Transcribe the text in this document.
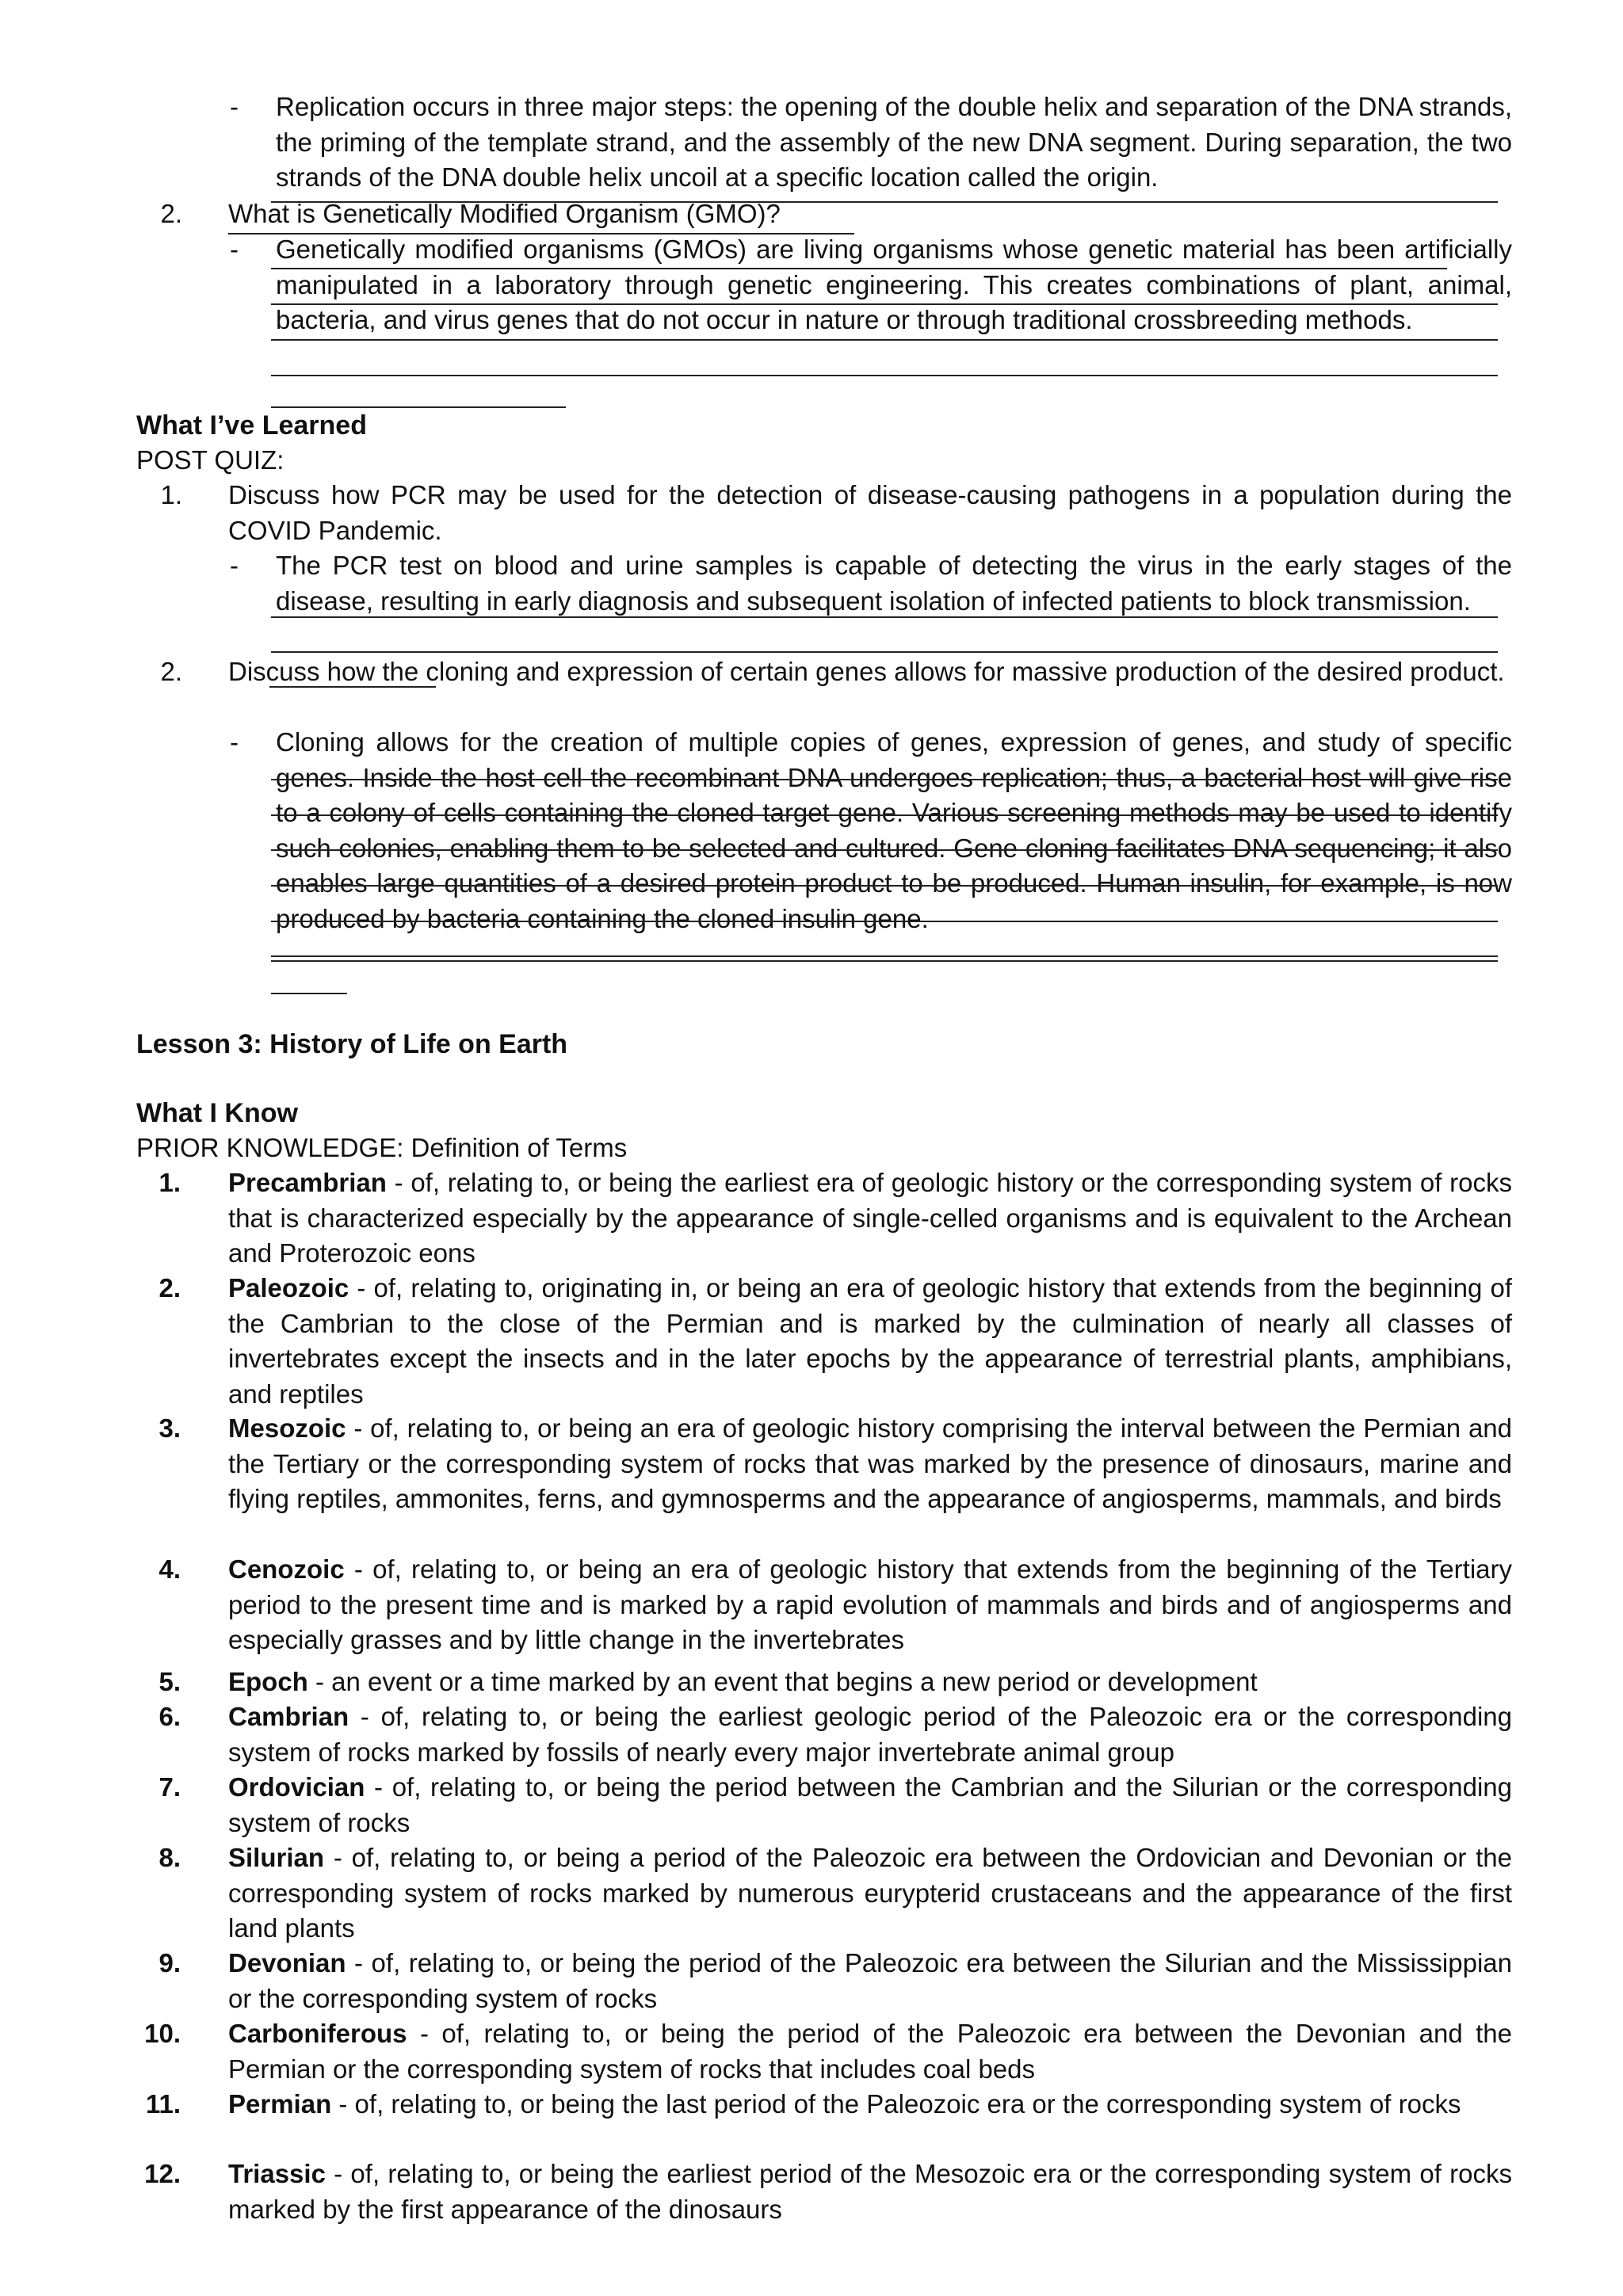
- Replication occurs in three major steps: the opening of the double helix and separation of the DNA strands, the priming of the template strand, and the assembly of the new DNA segment. During separation, the two strands of the DNA double helix uncoil at a specific location called the origin.
2. What is Genetically Modified Organism (GMO)?
- Genetically modified organisms (GMOs) are living organisms whose genetic material has been artificially manipulated in a laboratory through genetic engineering. This creates combinations of plant, animal, bacteria, and virus genes that do not occur in nature or through traditional crossbreeding methods.
What I’ve Learned
POST QUIZ:
1. Discuss how PCR may be used for the detection of disease-causing pathogens in a population during the COVID Pandemic.
- The PCR test on blood and urine samples is capable of detecting the virus in the early stages of the disease, resulting in early diagnosis and subsequent isolation of infected patients to block transmission.
2. Discuss how the cloning and expression of certain genes allows for massive production of the desired product.
- Cloning allows for the creation of multiple copies of genes, expression of genes, and study of specific genes. Inside the host cell the recombinant DNA undergoes replication; thus, a bacterial host will give rise to a colony of cells containing the cloned target gene. Various screening methods may be used to identify such colonies, enabling them to be selected and cultured. Gene cloning facilitates DNA sequencing; it also enables large quantities of a desired protein product to be produced. Human insulin, for example, is now produced by bacteria containing the cloned insulin gene.
Lesson 3: History of Life on Earth
What I Know
PRIOR KNOWLEDGE: Definition of Terms
1. Precambrian - of, relating to, or being the earliest era of geologic history or the corresponding system of rocks that is characterized especially by the appearance of single-celled organisms and is equivalent to the Archean and Proterozoic eons
2. Paleozoic - of, relating to, originating in, or being an era of geologic history that extends from the beginning of the Cambrian to the close of the Permian and is marked by the culmination of nearly all classes of invertebrates except the insects and in the later epochs by the appearance of terrestrial plants, amphibians, and reptiles
3. Mesozoic - of, relating to, or being an era of geologic history comprising the interval between the Permian and the Tertiary or the corresponding system of rocks that was marked by the presence of dinosaurs, marine and flying reptiles, ammonites, ferns, and gymnosperms and the appearance of angiosperms, mammals, and birds
4. Cenozoic - of, relating to, or being an era of geologic history that extends from the beginning of the Tertiary period to the present time and is marked by a rapid evolution of mammals and birds and of angiosperms and especially grasses and by little change in the invertebrates
5. Epoch - an event or a time marked by an event that begins a new period or development
6. Cambrian - of, relating to, or being the earliest geologic period of the Paleozoic era or the corresponding system of rocks marked by fossils of nearly every major invertebrate animal group
7. Ordovician - of, relating to, or being the period between the Cambrian and the Silurian or the corresponding system of rocks
8. Silurian - of, relating to, or being a period of the Paleozoic era between the Ordovician and Devonian or the corresponding system of rocks marked by numerous eurypterid crustaceans and the appearance of the first land plants
9. Devonian - of, relating to, or being the period of the Paleozoic era between the Silurian and the Mississippian or the corresponding system of rocks
10. Carboniferous - of, relating to, or being the period of the Paleozoic era between the Devonian and the Permian or the corresponding system of rocks that includes coal beds
11. Permian - of, relating to, or being the last period of the Paleozoic era or the corresponding system of rocks
12. Triassic - of, relating to, or being the earliest period of the Mesozoic era or the corresponding system of rocks marked by the first appearance of the dinosaurs
